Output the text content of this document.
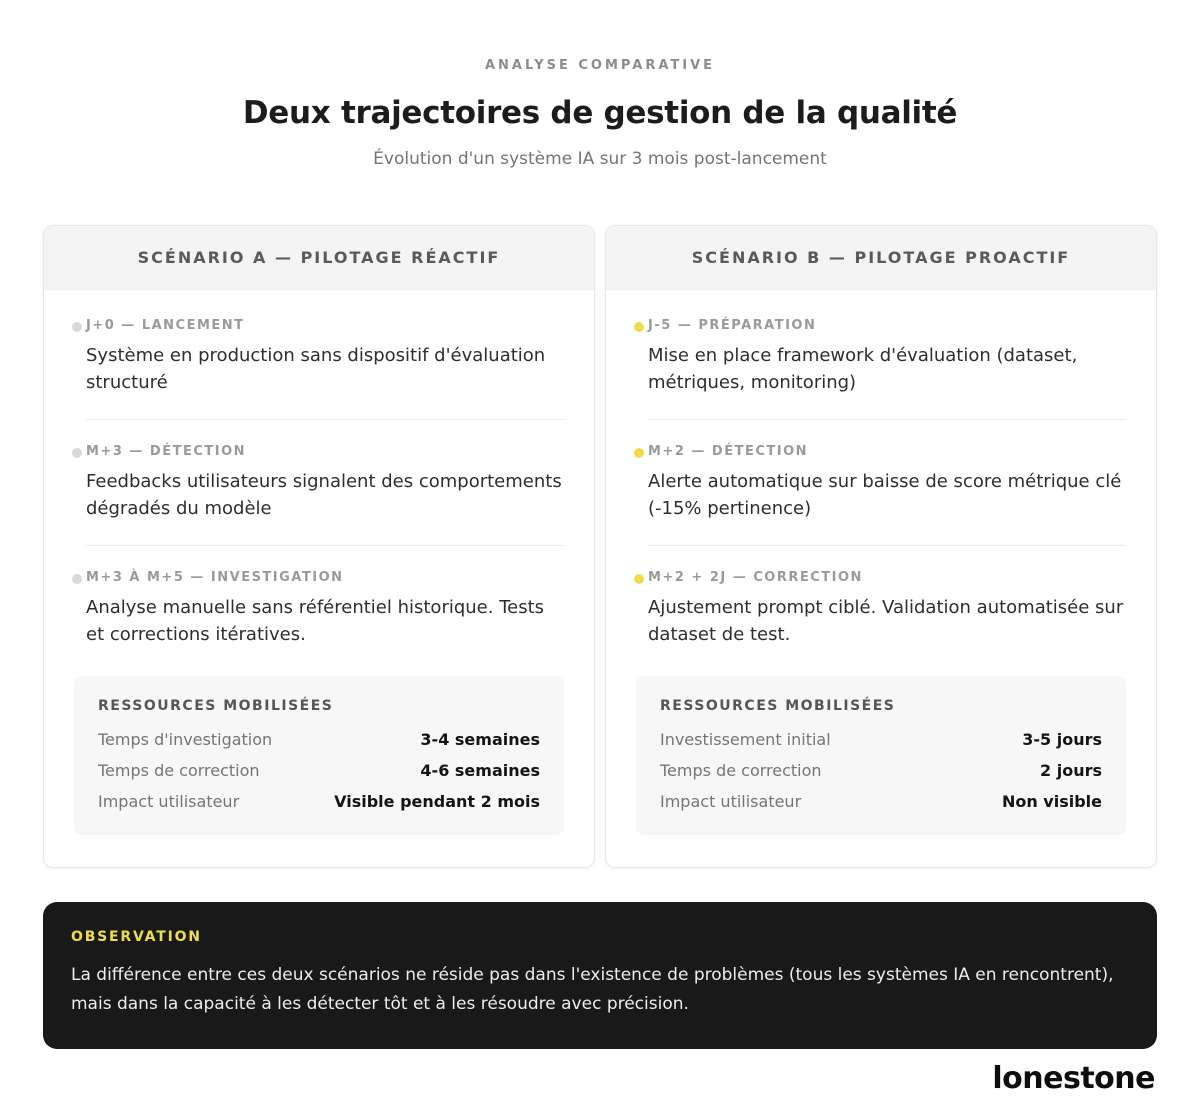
ANALYSE COMPARATIVE
Deux trajectoires de gestion de la qualité
Évolution d'un système IA sur 3 mois post-lancement
SCÉNARIO A — PILOTAGE RÉACTIF
J+0 — LANCEMENT

Système en production sans dispositif d'évaluation structuré

M+3 — DÉTECTION

Feedbacks utilisateurs signalent des comportements dégradés du modèle

M+3 À M+5 — INVESTIGATION

Analyse manuelle sans référentiel historique. Tests et corrections itératives.

RESSOURCES MOBILISÉES
Temps d'investigation	3-4 semaines
Temps de correction	4-6 semaines
Impact utilisateur	Visible pendant 2 mois
SCÉNARIO B — PILOTAGE PROACTIF
J-5 — PRÉPARATION

Mise en place framework d'évaluation (dataset, métriques, monitoring)

M+2 — DÉTECTION

Alerte automatique sur baisse de score métrique clé (-15% pertinence)

M+2 + 2J — CORRECTION

Ajustement prompt ciblé. Validation automatisée sur dataset de test.

RESSOURCES MOBILISÉES
Investissement initial	3-5 jours
Temps de correction	2 jours
Impact utilisateur	Non visible
OBSERVATION

La différence entre ces deux scénarios ne réside pas dans l'existence de problèmes (tous les systèmes IA en rencontrent), mais dans la capacité à les détecter tôt et à les résoudre avec précision.

lonestone
